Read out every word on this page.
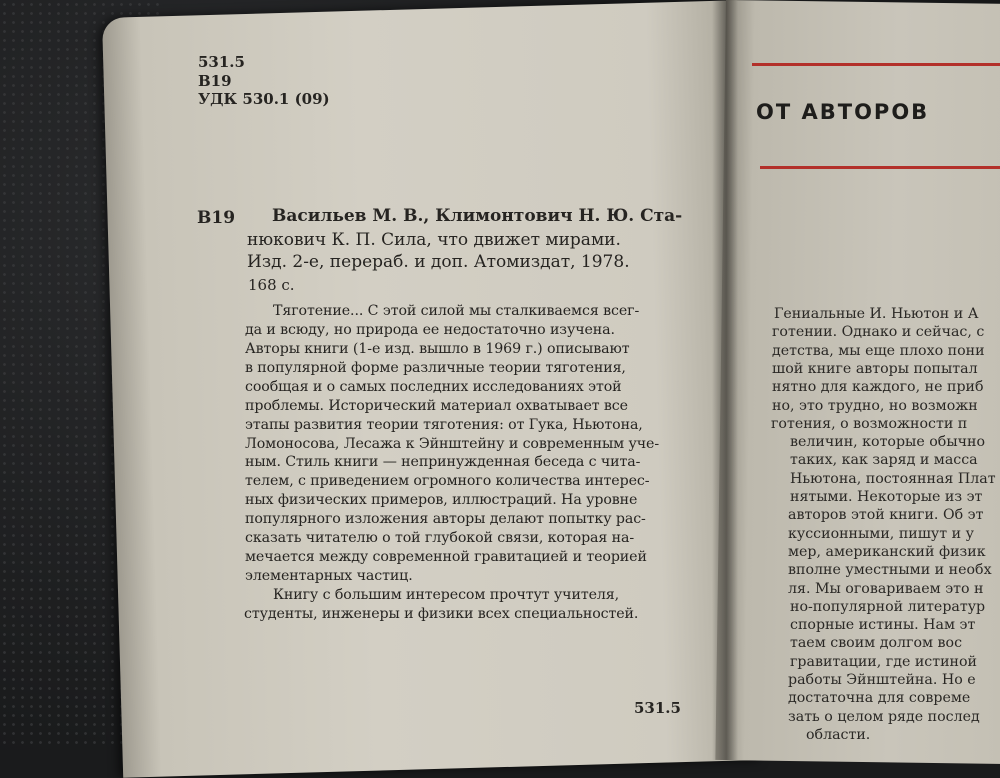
531.5
В19
УДК 530.1 (09)
В19 Васильев М. В., Климонтович Н. Ю. Ста-
нюкович К. П. Сила, что движет мирами.
Изд. 2-е, перераб. и доп. Атомиздат, 1978.
168 с.
Тяготение... С этой силой мы сталкиваемся всег-
да и всюду, но природа ее недостаточно изучена.
Авторы книги (1-е изд. вышло в 1969 г.) описывают
в популярной форме различные теории тяготения,
сообщая и о самых последних исследованиях этой
проблемы. Исторический материал охватывает все
этапы развития теории тяготения: от Гука, Ньютона,
Ломоносова, Лесажа к Эйнштейну и современным уче-
ным. Стиль книги — непринужденная беседа с чита-
телем, с приведением огромного количества интерес-
ных физических примеров, иллюстраций. На уровне
популярного изложения авторы делают попытку рас-
сказать читателю о той глубокой связи, которая на-
мечается между современной гравитацией и теорией
элементарных частиц.
Книгу с большим интересом прочтут учителя,
студенты, инженеры и физики всех специальностей.
531.5
ОТ АВТОРОВ
Гениальные И. Ньютон и А
готении. Однако и сейчас, с
детства, мы еще плохо пони
шой книге авторы попытал
нятно для каждого, не приб
но, это трудно, но возможн
готения, о возможности п
величин, которые обычно
таких, как заряд и масса
Ньютона, постоянная Плат
нятыми. Некоторые из эт
авторов этой книги. Об эт
куссионными, пишут и у
мер, американский физик
вполне уместными и необх
ля. Мы оговариваем это н
но-популярной литератур
спорные истины. Нам эт
таем своим долгом вос
гравитации, где истиной
работы Эйнштейна. Но е
достаточна для совреме
зать о целом ряде послед
области.
